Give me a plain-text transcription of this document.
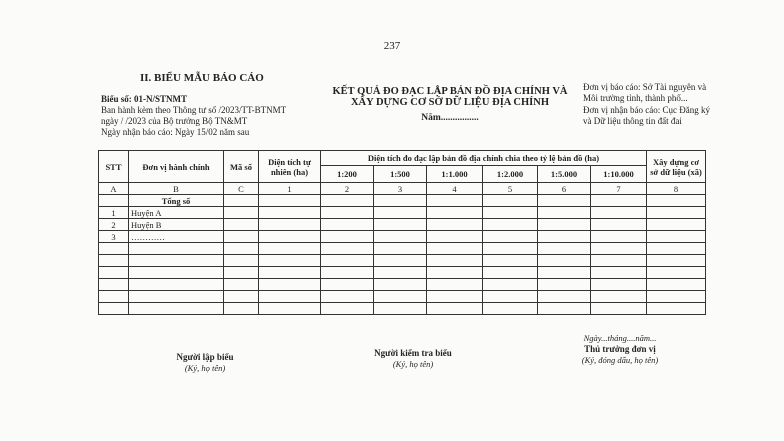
237
II. BIỂU MẪU BÁO CÁO
Biểu số: 01-N/STNMT
Ban hành kèm theo Thông tư số /2023/TT-BTNMT
ngày / /2023 của Bộ trưởng Bộ TN&MT
Ngày nhận báo cáo: Ngày 15/02 năm sau
KẾT QUẢ ĐO ĐẠC LẬP BẢN ĐỒ ĐỊA CHÍNH VÀ
XÂY DỰNG CƠ SỞ DỮ LIỆU ĐỊA CHÍNH
Năm................
Đơn vị báo cáo: Sở Tài nguyên và
Môi trường tỉnh, thành phố...
Đơn vị nhận báo cáo: Cục Đăng ký
và Dữ liệu thông tin đất đai
STT	Đơn vị hành chính	Mã số	Diện tích tự nhiên (ha)	Diện tích đo đạc lập bản đồ địa chính chia theo tỷ lệ bản đồ (ha)						Xây dựng cơ sở dữ liệu (xã)
				1:200	1:500	1:1.000	1:2.000	1:5.000	1:10.000	
A	B	C	1	2	3	4	5	6	7	8
	Tổng số									
1	Huyện A									
2	Huyện B									
3	…………									

Ngày...tháng....năm...
Người lập biểu
(Ký, họ tên)
Người kiểm tra biểu
(Ký, họ tên)
Thủ trưởng đơn vị
(Ký, đóng dấu, họ tên)
